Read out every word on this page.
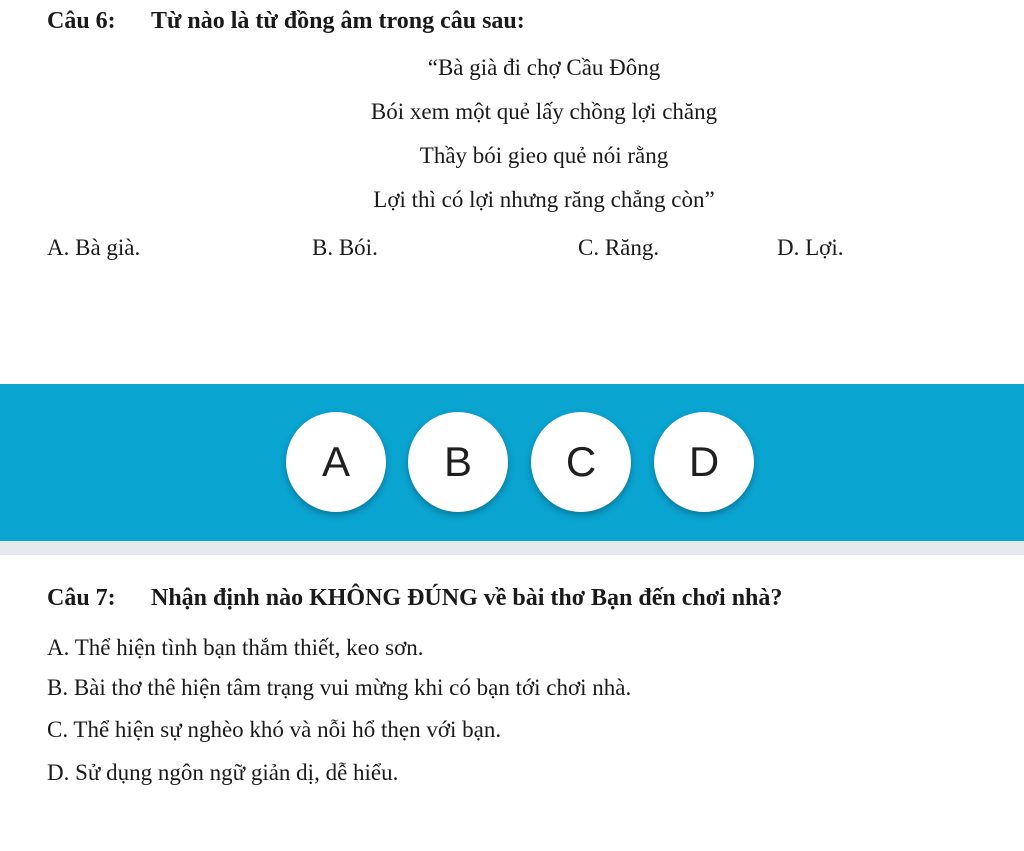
Câu 6: Từ nào là từ đồng âm trong câu sau:
“Bà già đi chợ Cầu Đông
Bói xem một quẻ lấy chồng lợi chăng
Thầy bói gieo quẻ nói rằng
Lợi thì có lợi nhưng răng chẳng còn”
A. Bà già.	B. Bói.	C. Răng.	D. Lợi.
A	B	C	D
Câu 7: Nhận định nào KHÔNG ĐÚNG về bài thơ Bạn đến chơi nhà?
A. Thể hiện tình bạn thắm thiết, keo sơn.
B. Bài thơ thê hiện tâm trạng vui mừng khi có bạn tới chơi nhà.
C. Thể hiện sự nghèo khó và nỗi hổ thẹn với bạn.
D. Sử dụng ngôn ngữ giản dị, dễ hiểu.
